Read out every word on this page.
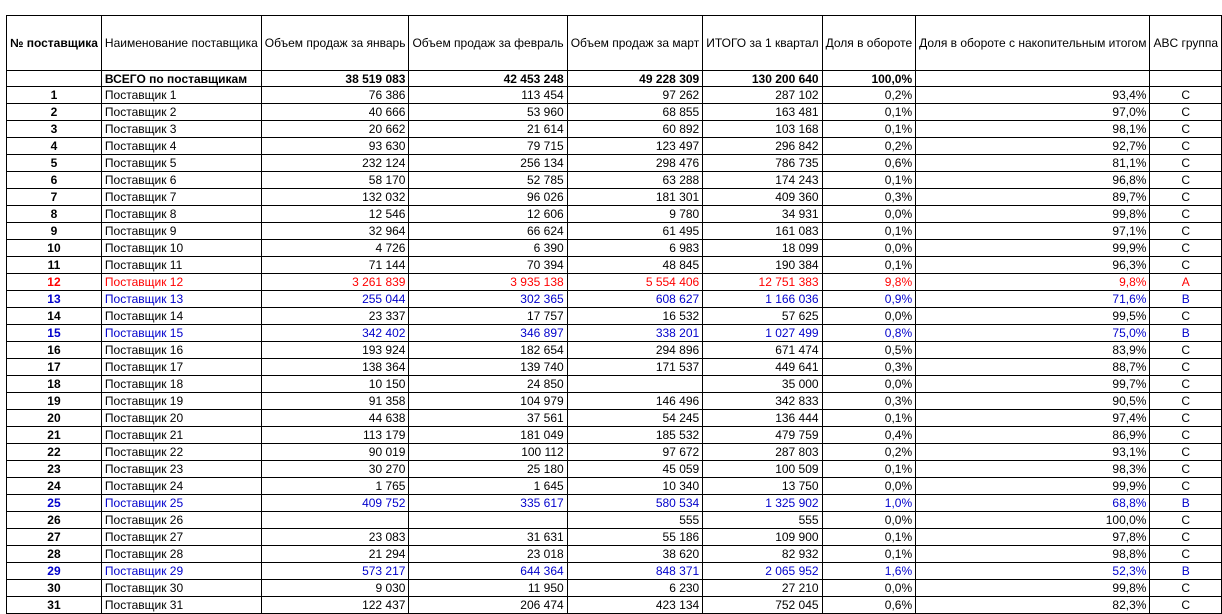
№ поставщика	Наименование поставщика	Объем продаж за январь	Объем продаж за февраль	Объем продаж за март	ИТОГО за 1 квартал	Доля в обороте	Доля в обороте с накопительным итогом	ABC группа
	ВСЕГО по поставщикам	38 519 083	42 453 248	49 228 309	130 200 640	100,0%		
1	Поставщик 1	76 386	113 454	97 262	287 102	0,2%	93,4%	C
2	Поставщик 2	40 666	53 960	68 855	163 481	0,1%	97,0%	C
3	Поставщик 3	20 662	21 614	60 892	103 168	0,1%	98,1%	C
4	Поставщик 4	93 630	79 715	123 497	296 842	0,2%	92,7%	C
5	Поставщик 5	232 124	256 134	298 476	786 735	0,6%	81,1%	C
6	Поставщик 6	58 170	52 785	63 288	174 243	0,1%	96,8%	C
7	Поставщик 7	132 032	96 026	181 301	409 360	0,3%	89,7%	C
8	Поставщик 8	12 546	12 606	9 780	34 931	0,0%	99,8%	C
9	Поставщик 9	32 964	66 624	61 495	161 083	0,1%	97,1%	C
10	Поставщик 10	4 726	6 390	6 983	18 099	0,0%	99,9%	C
11	Поставщик 11	71 144	70 394	48 845	190 384	0,1%	96,3%	C
12	Поставщик 12	3 261 839	3 935 138	5 554 406	12 751 383	9,8%	9,8%	A
13	Поставщик 13	255 044	302 365	608 627	1 166 036	0,9%	71,6%	B
14	Поставщик 14	23 337	17 757	16 532	57 625	0,0%	99,5%	C
15	Поставщик 15	342 402	346 897	338 201	1 027 499	0,8%	75,0%	B
16	Поставщик 16	193 924	182 654	294 896	671 474	0,5%	83,9%	C
17	Поставщик 17	138 364	139 740	171 537	449 641	0,3%	88,7%	C
18	Поставщик 18	10 150	24 850		35 000	0,0%	99,7%	C
19	Поставщик 19	91 358	104 979	146 496	342 833	0,3%	90,5%	C
20	Поставщик 20	44 638	37 561	54 245	136 444	0,1%	97,4%	C
21	Поставщик 21	113 179	181 049	185 532	479 759	0,4%	86,9%	C
22	Поставщик 22	90 019	100 112	97 672	287 803	0,2%	93,1%	C
23	Поставщик 23	30 270	25 180	45 059	100 509	0,1%	98,3%	C
24	Поставщик 24	1 765	1 645	10 340	13 750	0,0%	99,9%	C
25	Поставщик 25	409 752	335 617	580 534	1 325 902	1,0%	68,8%	B
26	Поставщик 26			555	555	0,0%	100,0%	C
27	Поставщик 27	23 083	31 631	55 186	109 900	0,1%	97,8%	C
28	Поставщик 28	21 294	23 018	38 620	82 932	0,1%	98,8%	C
29	Поставщик 29	573 217	644 364	848 371	2 065 952	1,6%	52,3%	B
30	Поставщик 30	9 030	11 950	6 230	27 210	0,0%	99,8%	C
31	Поставщик 31	122 437	206 474	423 134	752 045	0,6%	82,3%	C
